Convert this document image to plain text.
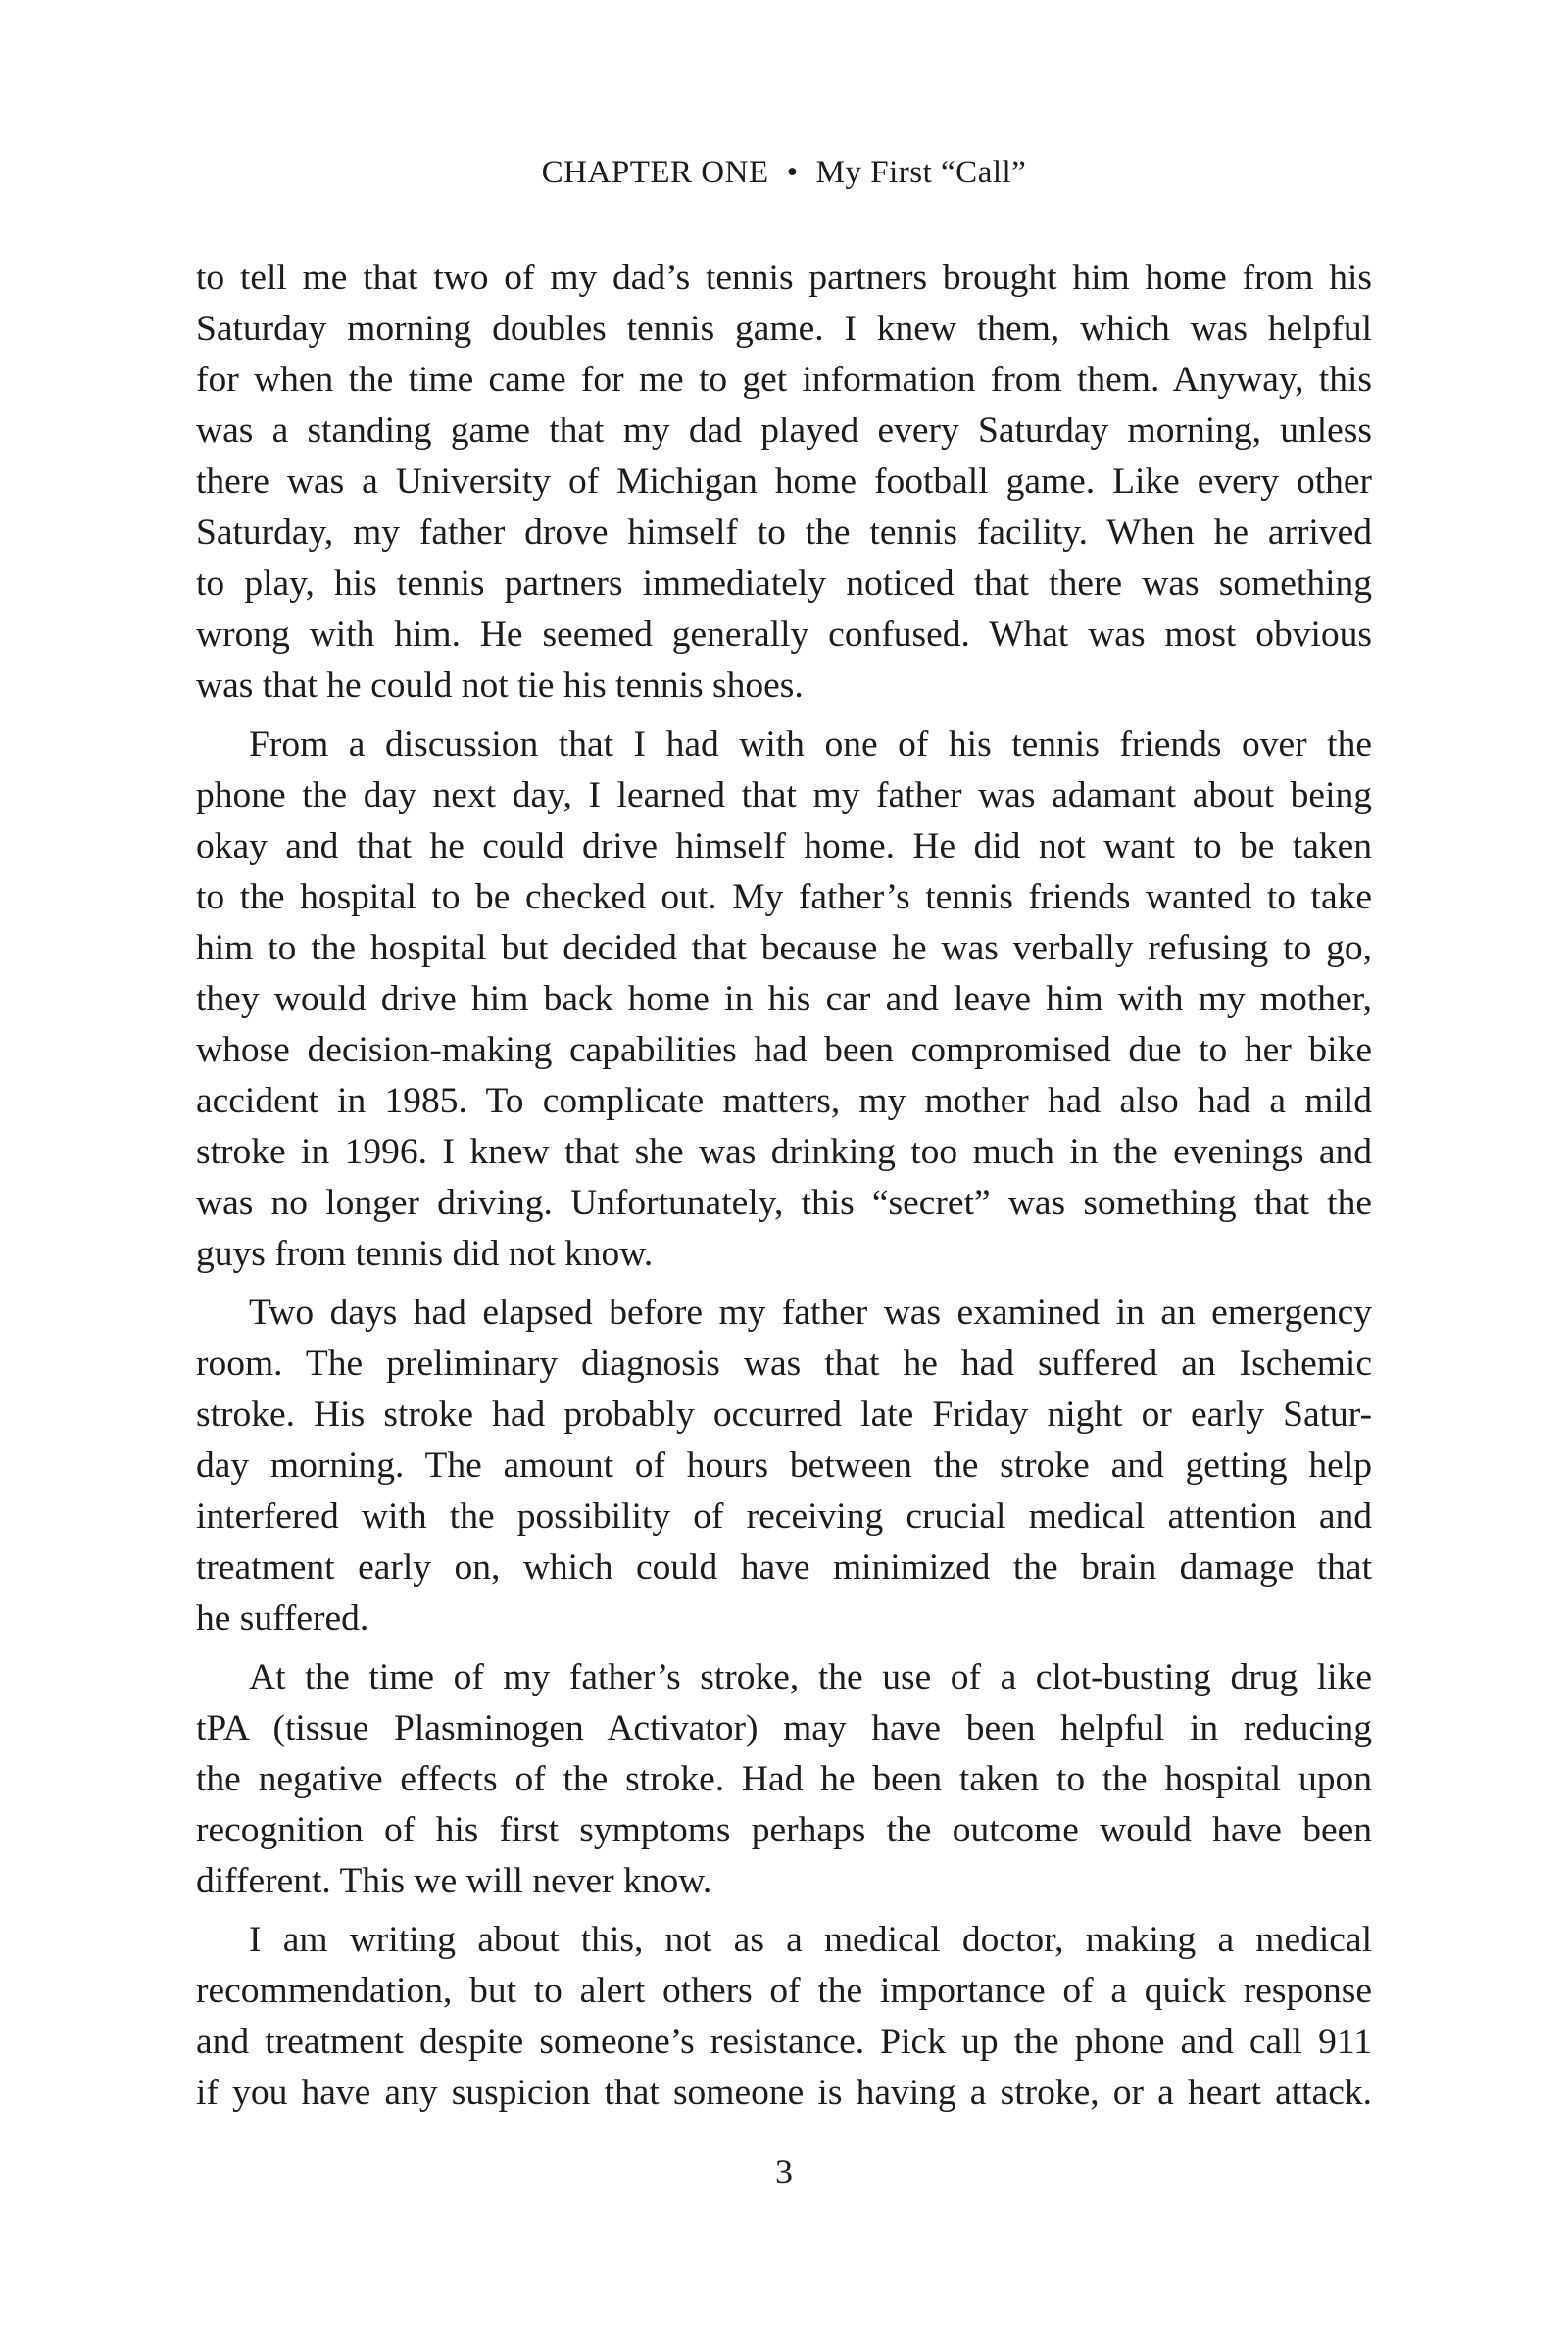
CHAPTER ONE • My First “Call”
to tell me that two of my dad’s tennis partners brought him home from his
Saturday morning doubles tennis game. I knew them, which was helpful
for when the time came for me to get information from them. Anyway, this
was a standing game that my dad played every Saturday morning, unless
there was a University of Michigan home football game. Like every other
Saturday, my father drove himself to the tennis facility. When he arrived
to play, his tennis partners immediately noticed that there was something
wrong with him. He seemed generally confused. What was most obvious
was that he could not tie his tennis shoes.
From a discussion that I had with one of his tennis friends over the
phone the day next day, I learned that my father was adamant about being
okay and that he could drive himself home. He did not want to be taken
to the hospital to be checked out. My father’s tennis friends wanted to take
him to the hospital but decided that because he was verbally refusing to go,
they would drive him back home in his car and leave him with my mother,
whose decision-making capabilities had been compromised due to her bike
accident in 1985. To complicate matters, my mother had also had a mild
stroke in 1996. I knew that she was drinking too much in the evenings and
was no longer driving. Unfortunately, this “secret” was something that the
guys from tennis did not know.
Two days had elapsed before my father was examined in an emergency
room. The preliminary diagnosis was that he had suffered an Ischemic
stroke. His stroke had probably occurred late Friday night or early Satur-
day morning. The amount of hours between the stroke and getting help
interfered with the possibility of receiving crucial medical attention and
treatment early on, which could have minimized the brain damage that
he suffered.
At the time of my father’s stroke, the use of a clot-busting drug like
tPA (tissue Plasminogen Activator) may have been helpful in reducing
the negative effects of the stroke. Had he been taken to the hospital upon
recognition of his first symptoms perhaps the outcome would have been
different. This we will never know.
I am writing about this, not as a medical doctor, making a medical
recommendation, but to alert others of the importance of a quick response
and treatment despite someone’s resistance. Pick up the phone and call 911
if you have any suspicion that someone is having a stroke, or a heart attack.
3
